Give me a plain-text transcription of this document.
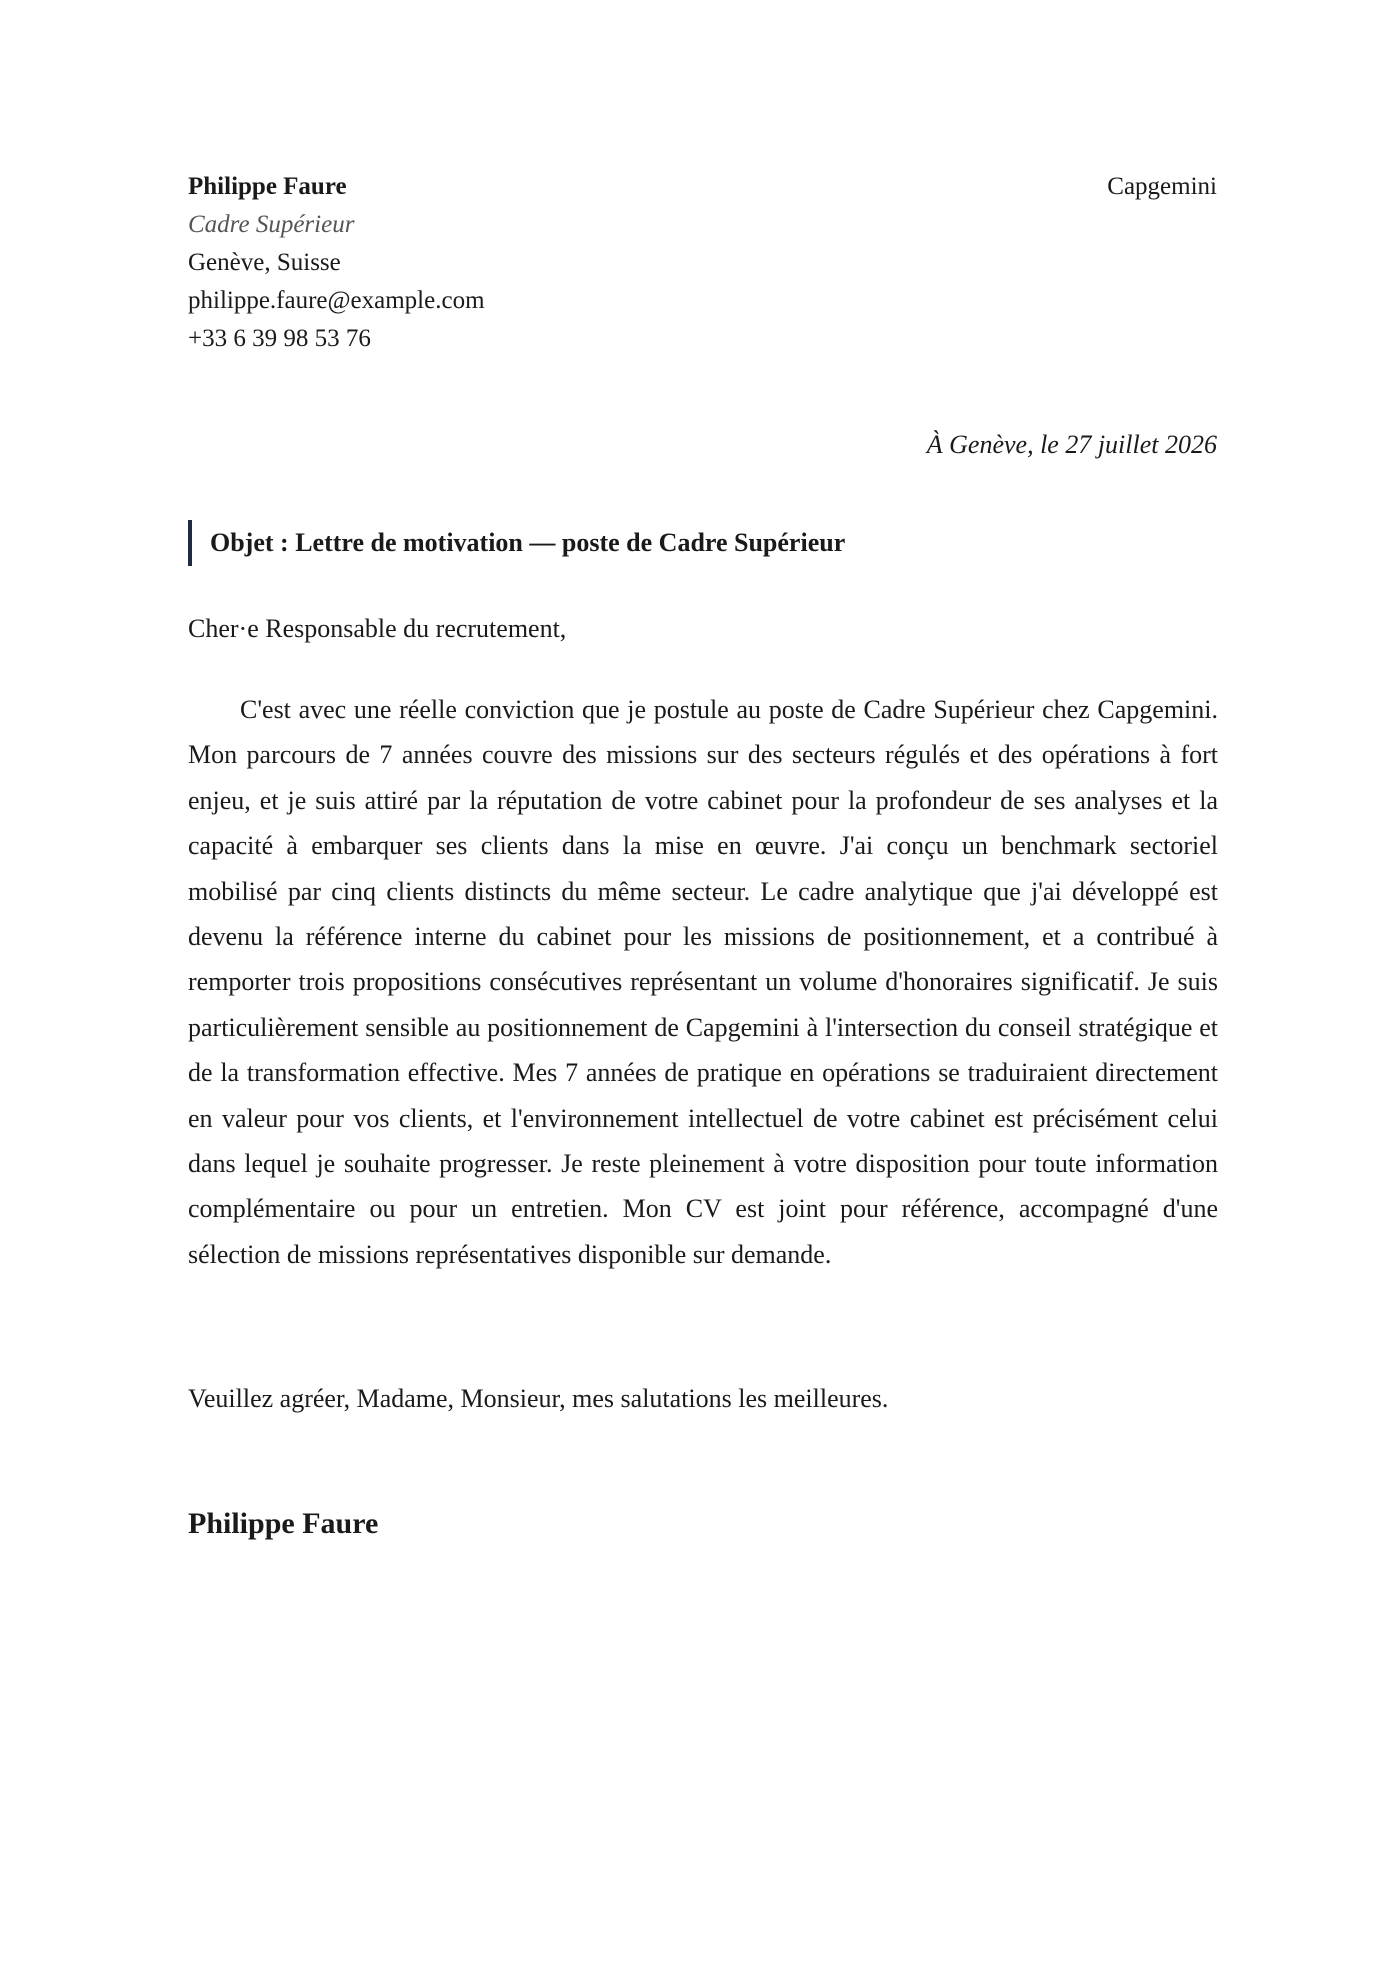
Philippe Faure
Cadre Supérieur
Genève, Suisse
philippe.faure@example.com
+33 6 39 98 53 76
Capgemini
À Genève, le 27 juillet 2026
Objet : Lettre de motivation — poste de Cadre Supérieur
Cher·e Responsable du recrutement,

C'est avec une réelle conviction que je postule au poste de Cadre Supérieur chez Capgemini. Mon parcours de 7 années couvre des missions sur des secteurs régulés et des opérations à fort enjeu, et je suis attiré par la réputation de votre cabinet pour la profondeur de ses analyses et la capacité à embarquer ses clients dans la mise en œuvre. J'ai conçu un benchmark sectoriel mobilisé par cinq clients distincts du même secteur. Le cadre analytique que j'ai développé est devenu la référence interne du cabinet pour les missions de positionnement, et a contribué à remporter trois propositions consécutives représentant un volume d'honoraires significatif. Je suis particulièrement sensible au positionnement de Capgemini à l'intersection du conseil stratégique et de la transformation effective. Mes 7 années de pratique en opérations se traduiraient directement en valeur pour vos clients, et l'environnement intellectuel de votre cabinet est précisément celui dans lequel je souhaite progresser. Je reste pleinement à votre disposition pour toute information complémentaire ou pour un entretien. Mon CV est joint pour référence, accompagné d'une sélection de missions représentatives disponible sur demande.

Veuillez agréer, Madame, Monsieur, mes salutations les meilleures.
Philippe Faure
